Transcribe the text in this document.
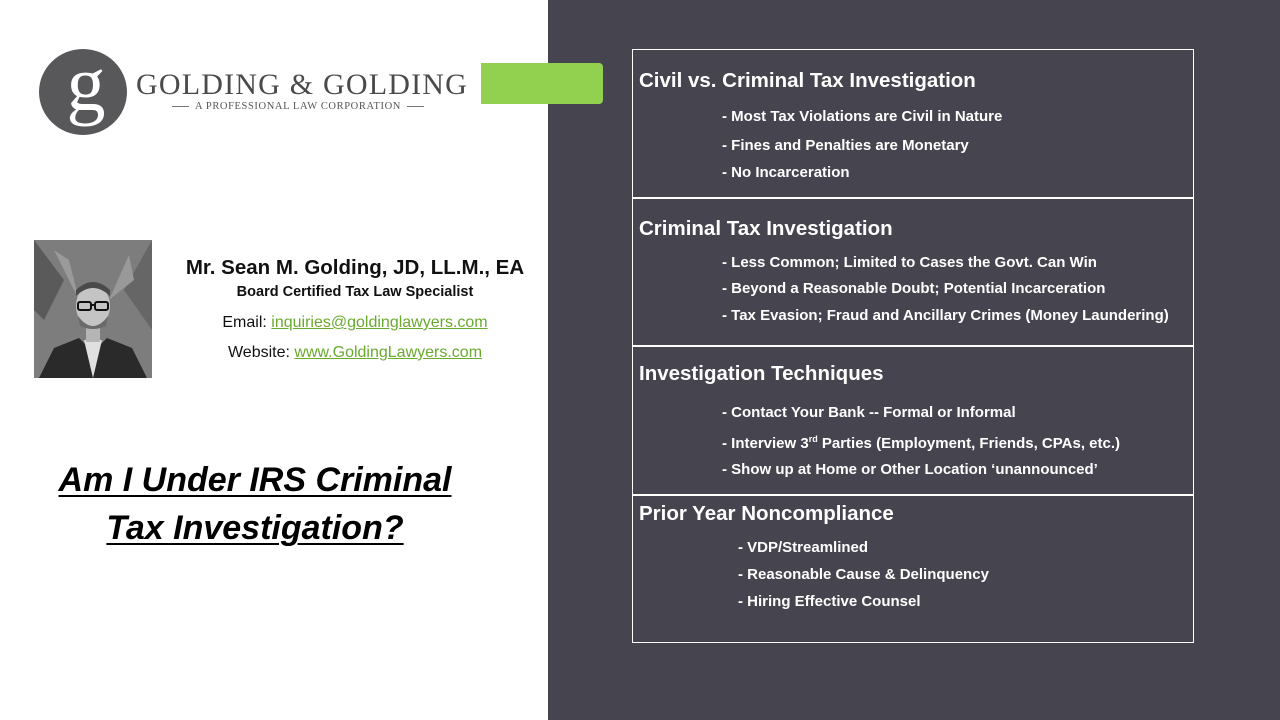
g GOLDING & GOLDING
A PROFESSIONAL LAW CORPORATION
Mr. Sean M. Golding, JD, LL.M., EA
Board Certified Tax Law Specialist
Email: inquiries@goldinglawyers.com
Website: www.GoldingLawyers.com
Am I Under IRS Criminal
Tax Investigation?
Civil vs. Criminal Tax Investigation
- Most Tax Violations are Civil in Nature
- Fines and Penalties are Monetary
- No Incarceration
Criminal Tax Investigation
- Less Common; Limited to Cases the Govt. Can Win
- Beyond a Reasonable Doubt; Potential Incarceration
- Tax Evasion; Fraud and Ancillary Crimes (Money Laundering)
Investigation Techniques
- Contact Your Bank -- Formal or Informal
- Interview 3rd Parties (Employment, Friends, CPAs, etc.)
- Show up at Home or Other Location ‘unannounced’
Prior Year Noncompliance
- VDP/Streamlined
- Reasonable Cause & Delinquency
- Hiring Effective Counsel
